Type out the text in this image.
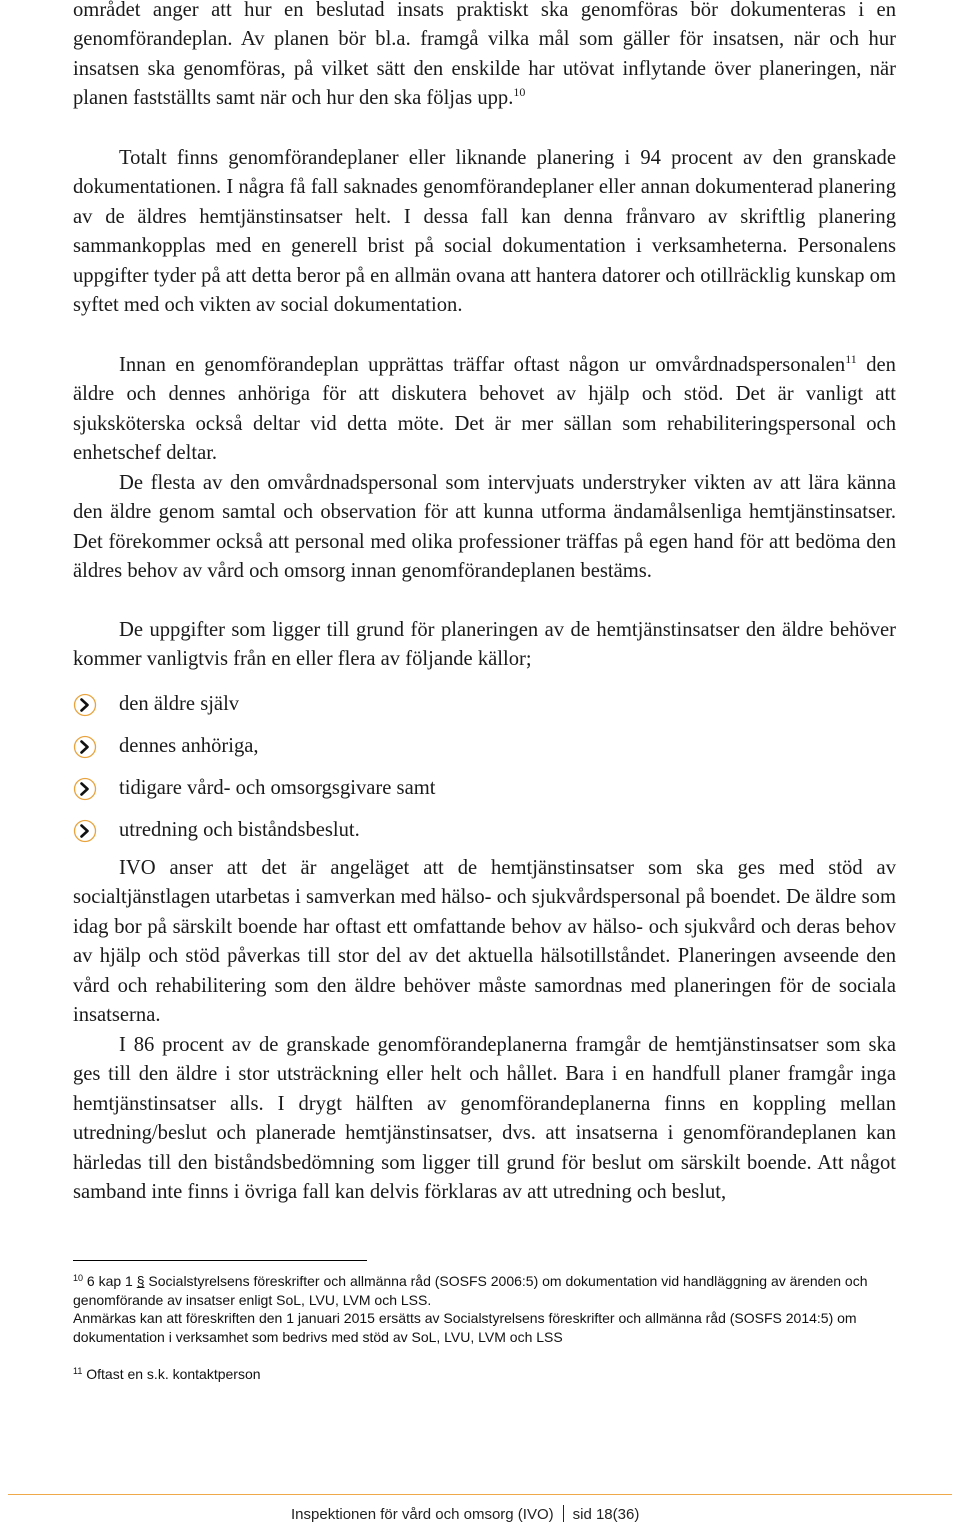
området anger att hur en beslutad insats praktiskt ska genomföras bör dokumenteras i en genomförandeplan. Av planen bör bl.a. framgå vilka mål som gäller för insatsen, när och hur insatsen ska genomföras, på vilket sätt den enskilde har utövat inflytande över planeringen, när planen fastställts samt när och hur den ska följas upp.$^{10}$

Totalt finns genomförandeplaner eller liknande planering i 94 procent av den granskade dokumentationen. I några få fall saknades genomförandeplaner eller annan dokumenterad planering av de äldres hemtjänstinsatser helt. I dessa fall kan denna frånvaro av skriftlig planering sammankopplas med en generell brist på social dokumentation i verksamheterna. Personalens uppgifter tyder på att detta beror på en allmän ovana att hantera datorer och otillräcklig kunskap om syftet med och vikten av social dokumentation.

Innan en genomförandeplan upprättas träffar oftast någon ur omvårdnadspersonalen$^{11}$ den äldre och dennes anhöriga för att diskutera behovet av hjälp och stöd. Det är vanligt att sjuksköterska också deltar vid detta möte. Det är mer sällan som rehabiliteringspersonal och enhetschef deltar.

De flesta av den omvårdnadspersonal som intervjuats understryker vikten av att lära känna den äldre genom samtal och observation för att kunna utforma ändamålsenliga hemtjänstinsatser. Det förekommer också att personal med olika professioner träffas på egen hand för att bedöma den äldres behov av vård och omsorg innan genomförandeplanen bestäms.

De uppgifter som ligger till grund för planeringen av de hemtjänstinsatser den äldre behöver kommer vanligtvis från en eller flera av följande källor;

den äldre själv
dennes anhöriga,
tidigare vård- och omsorgsgivare samt
utredning och biståndsbeslut.

IVO anser att det är angeläget att de hemtjänstinsatser som ska ges med stöd av socialtjänstlagen utarbetas i samverkan med hälso- och sjukvårdspersonal på boendet. De äldre som idag bor på särskilt boende har oftast ett omfattande behov av hälso- och sjukvård och deras behov av hjälp och stöd påverkas till stor del av det aktuella hälsotillståndet. Planeringen avseende den vård och rehabilitering som den äldre behöver måste samordnas med planeringen för de sociala insatserna.

I 86 procent av de granskade genomförandeplanerna framgår de hemtjänstinsatser som ska ges till den äldre i stor utsträckning eller helt och hållet. Bara i en handfull planer framgår inga hemtjänstinsatser alls. I drygt hälften av genomförandeplanerna finns en koppling mellan utredning/beslut och planerade hemtjänstinsatser, dvs. att insatserna i genomförandeplanen kan härledas till den biståndsbedömning som ligger till grund för beslut om särskilt boende. Att något samband inte finns i övriga fall kan delvis förklaras av att utredning och beslut,

$^{10}$ 6 kap 1 § Socialstyrelsens föreskrifter och allmänna råd (SOSFS 2006:5) om dokumentation vid handläggning av ärenden och genomförande av insatser enligt SoL, LVU, LVM och LSS.
Anmärkas kan att föreskriften den 1 januari 2015 ersätts av Socialstyrelsens föreskrifter och allmänna råd (SOSFS 2014:5) om dokumentation i verksamhet som bedrivs med stöd av SoL, LVU, LVM och LSS
$^{11}$ Oftast en s.k. kontaktperson
Inspektionen för vård och omsorg (IVO) sid 18(36)
